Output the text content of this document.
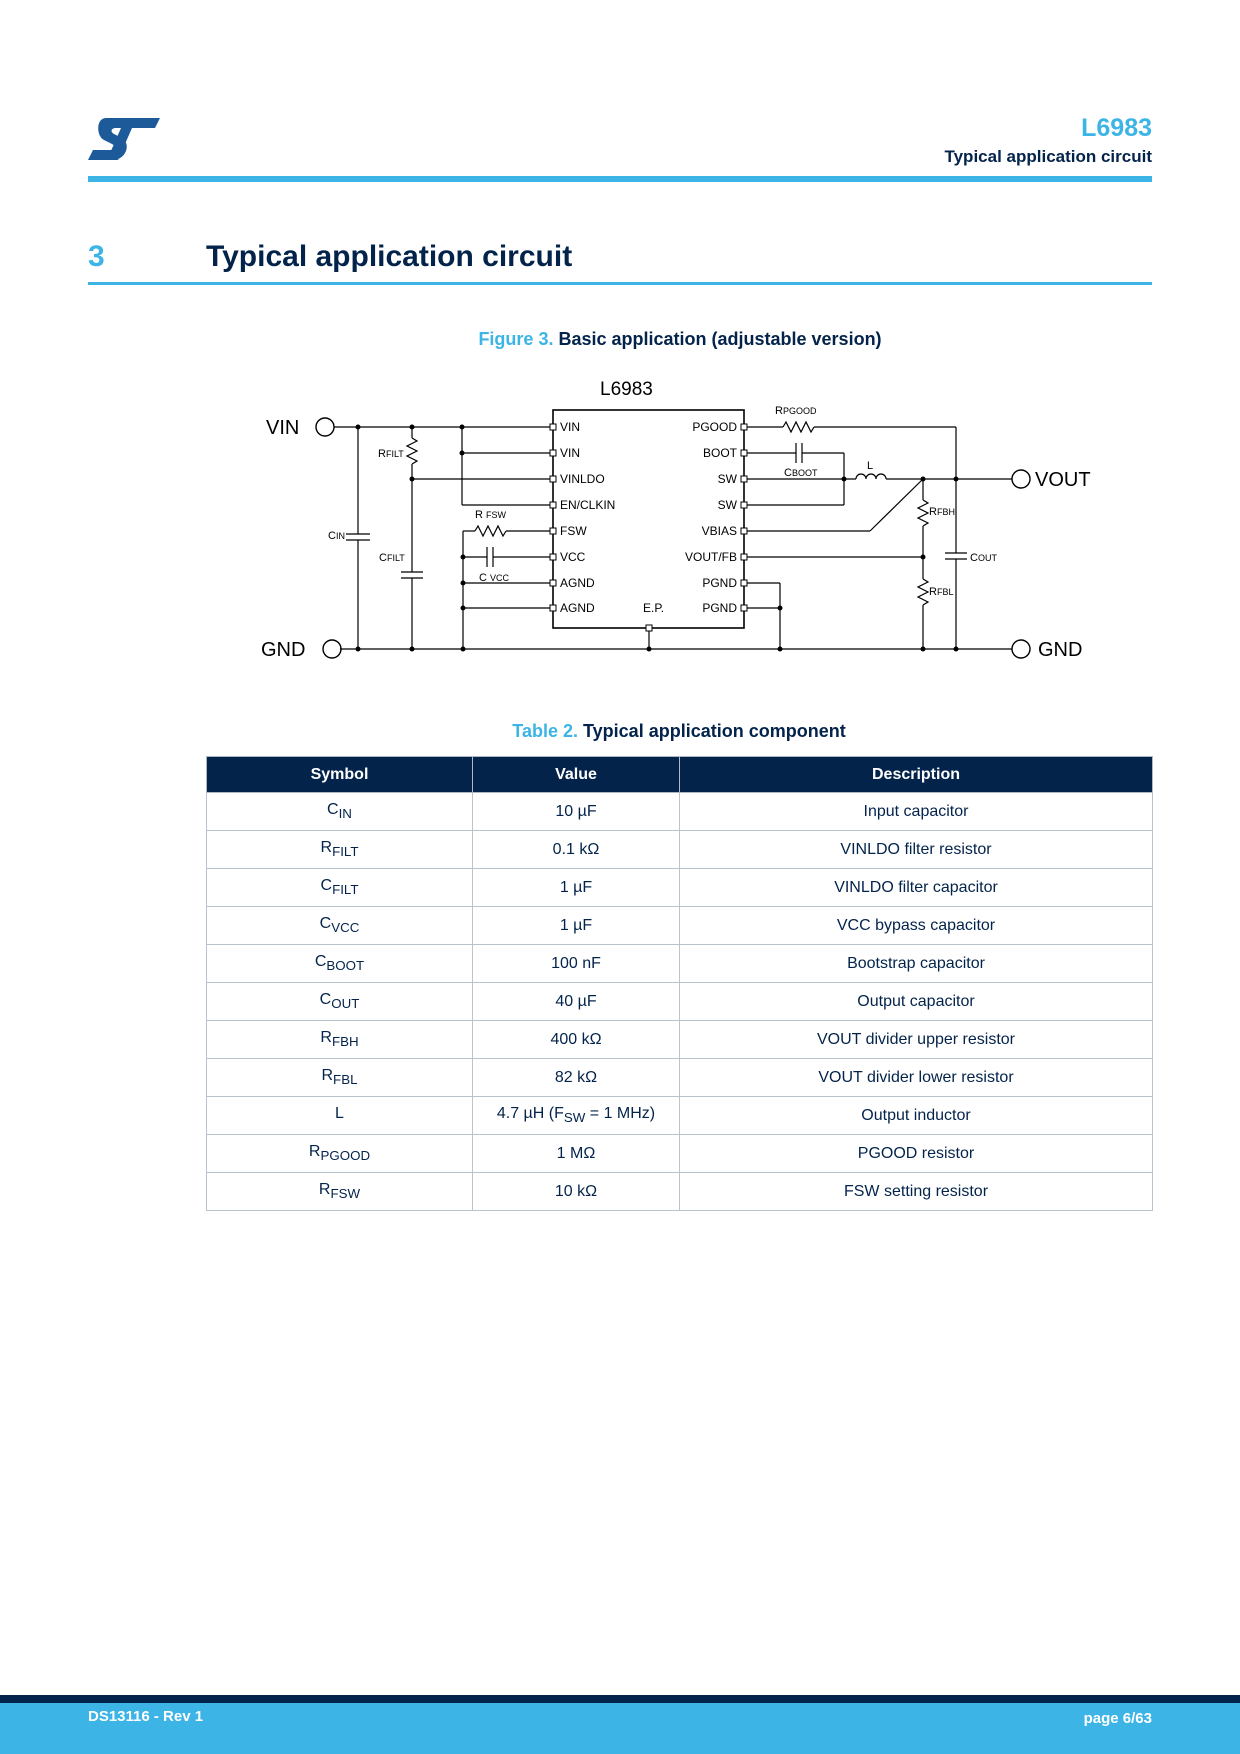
L6983
Typical application circuit
3	Typical application circuit
Figure 3. Basic application (adjustable version)
L6983
VIN
VIN
VINLDO
EN/CLKIN
FSW
VCC
AGND
AGND
PGOOD
BOOT
SW
SW
VBIAS
VOUT/FB
PGND
PGND
E.P.
VIN
GND
VOUT
GND
CIN
RFILT
CFILT
R FSW
C VCC
RPGOOD
CBOOT
L
RFBH
RFBL
COUT
Table 2. Typical application component
Symbol	Value	Description
$C_{IN}$	10 µF	Input capacitor
$R_{FILT}$	0.1 kΩ	VINLDO filter resistor
$C_{FILT}$	1 µF	VINLDO filter capacitor
$C_{VCC}$	1 µF	VCC bypass capacitor
$C_{BOOT}$	100 nF	Bootstrap capacitor
$C_{OUT}$	40 µF	Output capacitor
$R_{FBH}$	400 kΩ	VOUT divider upper resistor
$R_{FBL}$	82 kΩ	VOUT divider lower resistor
L	4.7 µH ($F_{SW} = 1$ MHz)	Output inductor
$R_{PGOOD}$	1 MΩ	PGOOD resistor
$R_{FSW}$	10 kΩ	FSW setting resistor
DS13116 - Rev 1	page 6/63
